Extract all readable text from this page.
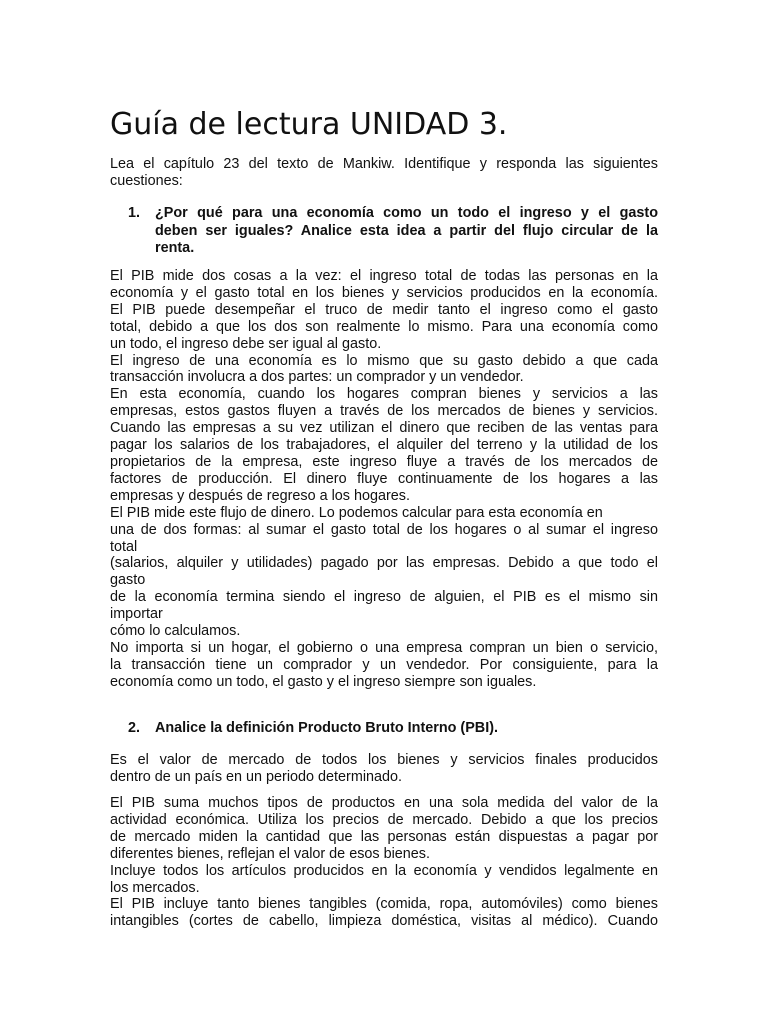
Guía de lectura UNIDAD 3.
Lea el capítulo 23 del texto de Mankiw. Identifique y responda las siguientes
cuestiones:
1. ¿Por qué para una economía como un todo el ingreso y el gasto
deben ser iguales? Analice esta idea a partir del flujo circular de la
renta.
El PIB mide dos cosas a la vez: el ingreso total de todas las personas en la
economía y el gasto total en los bienes y servicios producidos en la economía.
El PIB puede desempeñar el truco de medir tanto el ingreso como el gasto
total, debido a que los dos son realmente lo mismo. Para una economía como
un todo, el ingreso debe ser igual al gasto.
El ingreso de una economía es lo mismo que su gasto debido a que cada
transacción involucra a dos partes: un comprador y un vendedor.
En esta economía, cuando los hogares compran bienes y servicios a las
empresas, estos gastos fluyen a través de los mercados de bienes y servicios.
Cuando las empresas a su vez utilizan el dinero que reciben de las ventas para
pagar los salarios de los trabajadores, el alquiler del terreno y la utilidad de los
propietarios de la empresa, este ingreso fluye a través de los mercados de
factores de producción. El dinero fluye continuamente de los hogares a las
empresas y después de regreso a los hogares.
El PIB mide este flujo de dinero. Lo podemos calcular para esta economía en
una de dos formas: al sumar el gasto total de los hogares o al sumar el ingreso
total
(salarios, alquiler y utilidades) pagado por las empresas. Debido a que todo el
gasto
de la economía termina siendo el ingreso de alguien, el PIB es el mismo sin
importar
cómo lo calculamos.
No importa si un hogar, el gobierno o una empresa compran un bien o servicio,
la transacción tiene un comprador y un vendedor. Por consiguiente, para la
economía como un todo, el gasto y el ingreso siempre son iguales.
2. Analice la definición Producto Bruto Interno (PBI).
Es el valor de mercado de todos los bienes y servicios finales producidos
dentro de un país en un periodo determinado.
El PIB suma muchos tipos de productos en una sola medida del valor de la
actividad económica. Utiliza los precios de mercado. Debido a que los precios
de mercado miden la cantidad que las personas están dispuestas a pagar por
diferentes bienes, reflejan el valor de esos bienes.
Incluye todos los artículos producidos en la economía y vendidos legalmente en
los mercados.
El PIB incluye tanto bienes tangibles (comida, ropa, automóviles) como bienes
intangibles (cortes de cabello, limpieza doméstica, visitas al médico). Cuando
